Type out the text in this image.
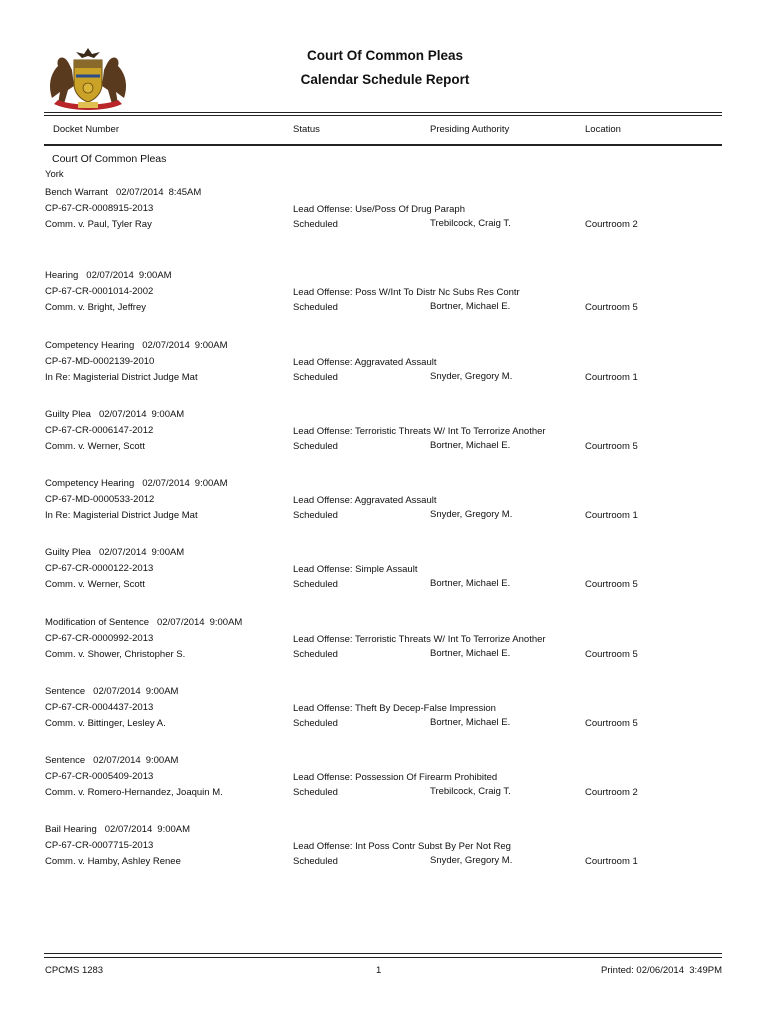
Court Of Common Pleas
Calendar Schedule Report
Docket Number	Status	Presiding Authority	Location
Court Of Common Pleas
York
Bench Warrant 02/07/2014 8:45AM
CP-67-CR-0008915-2013
Comm. v. Paul, Tyler Ray
Lead Offense: Use/Poss Of Drug Paraph
Scheduled	Trebilcock, Craig T.	Courtroom 2
Hearing 02/07/2014 9:00AM
CP-67-CR-0001014-2002
Comm. v. Bright, Jeffrey
Lead Offense: Poss W/Int To Distr Nc Subs Res Contr
Scheduled	Bortner, Michael E.	Courtroom 5
Competency Hearing 02/07/2014 9:00AM
CP-67-MD-0002139-2010
In Re: Magisterial District Judge Mat
Lead Offense: Aggravated Assault
Scheduled	Snyder, Gregory M.	Courtroom 1
Guilty Plea 02/07/2014 9:00AM
CP-67-CR-0006147-2012
Comm. v. Werner, Scott
Lead Offense: Terroristic Threats W/ Int To Terrorize Another
Scheduled	Bortner, Michael E.	Courtroom 5
Competency Hearing 02/07/2014 9:00AM
CP-67-MD-0000533-2012
In Re: Magisterial District Judge Mat
Lead Offense: Aggravated Assault
Scheduled	Snyder, Gregory M.	Courtroom 1
Guilty Plea 02/07/2014 9:00AM
CP-67-CR-0000122-2013
Comm. v. Werner, Scott
Lead Offense: Simple Assault
Scheduled	Bortner, Michael E.	Courtroom 5
Modification of Sentence 02/07/2014 9:00AM
CP-67-CR-0000992-2013
Comm. v. Shower, Christopher S.
Lead Offense: Terroristic Threats W/ Int To Terrorize Another
Scheduled	Bortner, Michael E.	Courtroom 5
Sentence 02/07/2014 9:00AM
CP-67-CR-0004437-2013
Comm. v. Bittinger, Lesley A.
Lead Offense: Theft By Decep-False Impression
Scheduled	Bortner, Michael E.	Courtroom 5
Sentence 02/07/2014 9:00AM
CP-67-CR-0005409-2013
Comm. v. Romero-Hernandez, Joaquin M.
Lead Offense: Possession Of Firearm Prohibited
Scheduled	Trebilcock, Craig T.	Courtroom 2
Bail Hearing 02/07/2014 9:00AM
CP-67-CR-0007715-2013
Comm. v. Hamby, Ashley Renee
Lead Offense: Int Poss Contr Subst By Per Not Reg
Scheduled	Snyder, Gregory M.	Courtroom 1
CPCMS 1283	1	Printed: 02/06/2014  3:49PM
